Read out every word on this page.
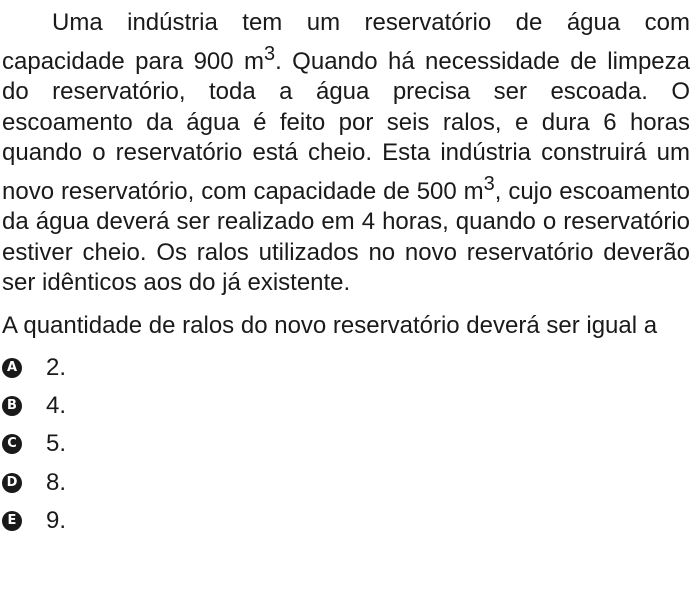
Uma indústria tem um reservatório de água com capacidade para 900 $m^3$. Quando há necessidade de limpeza do reservatório, toda a água precisa ser escoada. O escoamento da água é feito por seis ralos, e dura 6 horas quando o reservatório está cheio. Esta indústria construirá um novo reservatório, com capacidade de 500 $m^3$, cujo escoamento da água deverá ser realizado em 4 horas, quando o reservatório estiver cheio. Os ralos utilizados no novo reservatório deverão ser idênticos aos do já existente.

A quantidade de ralos do novo reservatório deverá ser igual a

A 2.
B 4.
C 5.
D 8.
E 9.
